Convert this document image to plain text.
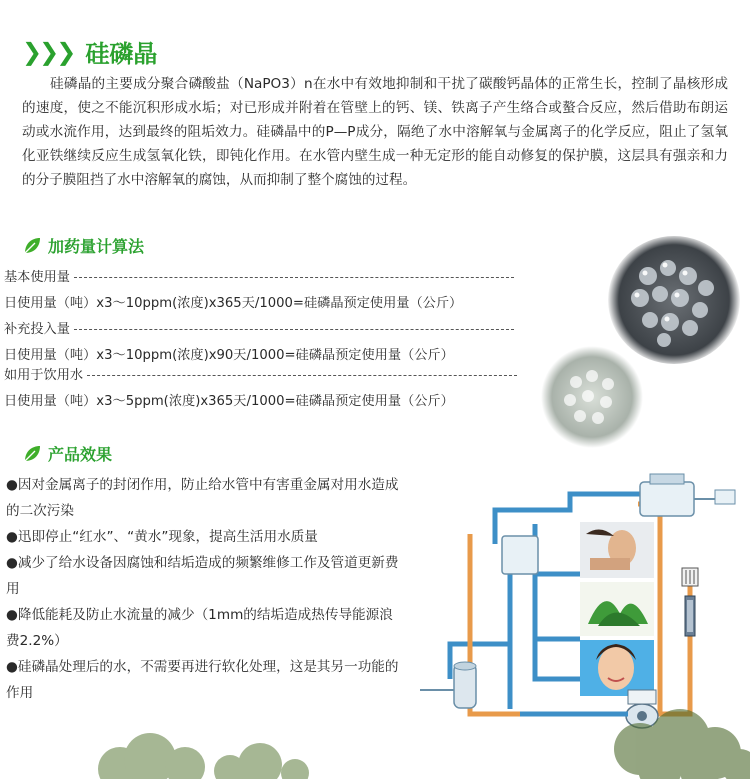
❯❯❯ 硅磷晶
硅磷晶的主要成分聚合磷酸盐（NaPO3）n在水中有效地抑制和干扰了碳酸钙晶体的正常生长，控制了晶核形成的速度，使之不能沉积形成水垢；对已形成并附着在管壁上的钙、镁、铁离子产生络合或螯合反应，然后借助布朗运动或水流作用，达到最终的阻垢效力。硅磷晶中的P—P成分，隔绝了水中溶解氧与金属离子的化学反应，阻止了氢氧化亚铁继续反应生成氢氧化铁，即钝化作用。在水管内壁生成一种无定形的能自动修复的保护膜，这层具有强亲和力的分子膜阻挡了水中溶解氧的腐蚀，从而抑制了整个腐蚀的过程。
加药量计算法
基本使用量
日使用量（吨）x3～10ppm(浓度)x365天/1000=硅磷晶预定使用量（公斤）
补充投入量
日使用量（吨）x3～10ppm(浓度)x90天/1000=硅磷晶预定使用量（公斤）
如用于饮用水
日使用量（吨）x3～5ppm(浓度)x365天/1000=硅磷晶预定使用量（公斤）
产品效果
●因对金属离子的封闭作用，防止给水管中有害重金属对用水造成的二次污染
●迅即停止“红水”、“黄水”现象，提高生活用水质量
●减少了给水设备因腐蚀和结垢造成的频繁维修工作及管道更新费用
●降低能耗及防止水流量的减少（1mm的结垢造成热传导能源浪费2.2%）
●硅磷晶处理后的水，不需要再进行软化处理，这是其另一功能的作用
